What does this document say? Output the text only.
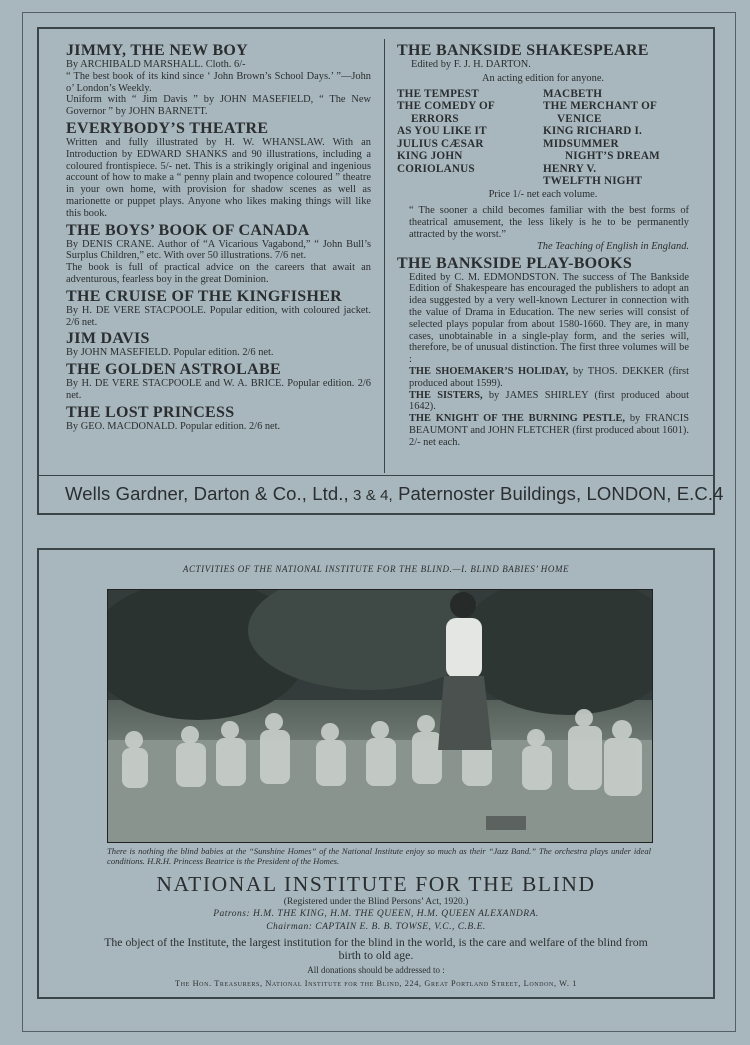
JIMMY, THE NEW BOY

By ARCHIBALD MARSHALL. Cloth. 6/-

“ The best book of its kind since ‘ John Brown’s School Days.’ ”—John o’ London’s Weekly.

Uniform with “ Jim Davis ” by JOHN MASEFIELD, “ The New Governor ” by JOHN BARNETT.

EVERYBODY’S THEATRE

Written and fully illustrated by H. W. WHANSLAW. With an Introduction by EDWARD SHANKS and 90 illustrations, including a coloured frontispiece. 5/- net. This is a strikingly original and ingenious account of how to make a “ penny plain and twopence coloured ” theatre in your own home, with provision for shadow scenes as well as marionette or puppet plays. Anyone who likes making things will like this book.

THE BOYS’ BOOK OF CANADA

By DENIS CRANE. Author of “A Vicarious Vagabond,” “ John Bull’s Surplus Children,” etc. With over 50 illustrations. 7/6 net.

The book is full of practical advice on the careers that await an adventurous, fearless boy in the great Dominion.

THE CRUISE OF THE KINGFISHER

By H. DE VERE STACPOOLE. Popular edition, with coloured jacket. 2/6 net.

JIM DAVIS

By JOHN MASEFIELD. Popular edition. 2/6 net.

THE GOLDEN ASTROLABE

By H. DE VERE STACPOOLE and W. A. BRICE. Popular edition. 2/6 net.

THE LOST PRINCESS

By GEO. MACDONALD. Popular edition. 2/6 net.

THE BANKSIDE SHAKESPEARE

Edited by F. J. H. DARTON.

An acting edition for anyone.

THE TEMPEST
THE COMEDY OF
ERRORS
AS YOU LIKE IT
JULIUS CÆSAR
KING JOHN
CORIOLANUS
MACBETH
THE MERCHANT OF
VENICE
KING RICHARD I.
MIDSUMMER
NIGHT’S DREAM
HENRY V.
TWELFTH NIGHT

Price 1/- net each volume.

“ The sooner a child becomes familiar with the best forms of theatrical amusement, the less likely is he to be permanently attracted by the worst.”
The Teaching of English in England.
THE BANKSIDE PLAY-BOOKS

Edited by C. M. EDMONDSTON. The success of The Bankside Edition of Shakespeare has encouraged the publishers to adopt an idea suggested by a very well-known Lecturer in connection with the value of Drama in Education. The new series will consist of selected plays popular from about 1580-1660. They are, in many cases, unobtainable in a single-play form, and the series will, therefore, be of unusual distinction. The first three volumes will be :

THE SHOEMAKER’S HOLIDAY, by THOS. DEKKER (first produced about 1599).

THE SISTERS, by JAMES SHIRLEY (first produced about 1642).

THE KNIGHT OF THE BURNING PESTLE, by FRANCIS BEAUMONT and JOHN FLETCHER (first produced about 1601). 2/- net each.

Wells Gardner, Darton & Co., Ltd., 3 & 4, Paternoster Buildings, LONDON, E.C.4
ACTIVITIES OF THE NATIONAL INSTITUTE FOR THE BLIND.—I. BLIND BABIES’ HOME
There is nothing the blind babies at the “Sunshine Homes” of the National Institute enjoy so much as their “Jazz Band.” The orchestra plays under ideal conditions. H.R.H. Princess Beatrice is the President of the Homes.
NATIONAL INSTITUTE FOR THE BLIND
(Registered under the Blind Persons’ Act, 1920.)
Patrons: H.M. THE KING, H.M. THE QUEEN, H.M. QUEEN ALEXANDRA.
Chairman: CAPTAIN E. B. B. TOWSE, V.C., C.B.E.
The object of the Institute, the largest institution for the blind in the world, is the care and welfare of the blind from birth to old age.
All donations should be addressed to :
The Hon. Treasurers, National Institute for the Blind, 224, Great Portland Street, London, W. 1
